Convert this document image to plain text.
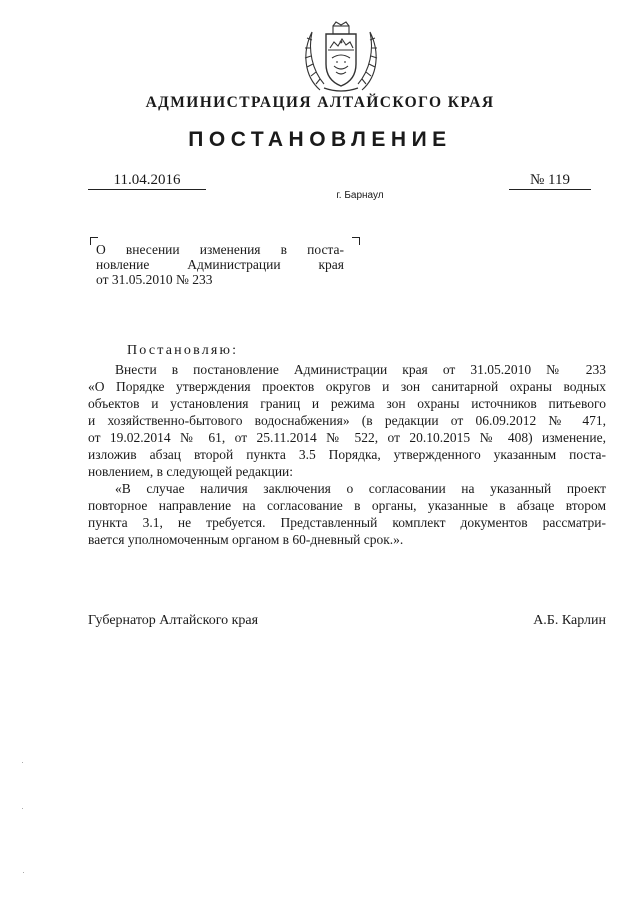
АДМИНИСТРАЦИЯ АЛТАЙСКОГО КРАЯ
ПОСТАНОВЛЕНИЕ
11.04.2016	№ 119
г. Барнаул
О внесении изменения в поста-
новление Администрации края
от 31.05.2010 № 233
Постановляю:
Внести в постановление Администрации края от 31.05.2010 № 233
«О Порядке утверждения проектов округов и зон санитарной охраны водных
объектов и установления границ и режима зон охраны источников питьевого
и хозяйственно-бытового водоснабжения» (в редакции от 06.09.2012 № 471,
от 19.02.2014 № 61, от 25.11.2014 № 522, от 20.10.2015 № 408) изменение,
изложив абзац второй пункта 3.5 Порядка, утвержденного указанным поста-
новлением, в следующей редакции:
«В случае наличия заключения о согласовании на указанный проект
повторное направление на согласование в органы, указанные в абзаце втором
пункта 3.1, не требуется. Представленный комплект документов рассматри-
вается уполномоченным органом в 60-дневный срок.».
Губернатор Алтайского края	А.Б. Карлин
